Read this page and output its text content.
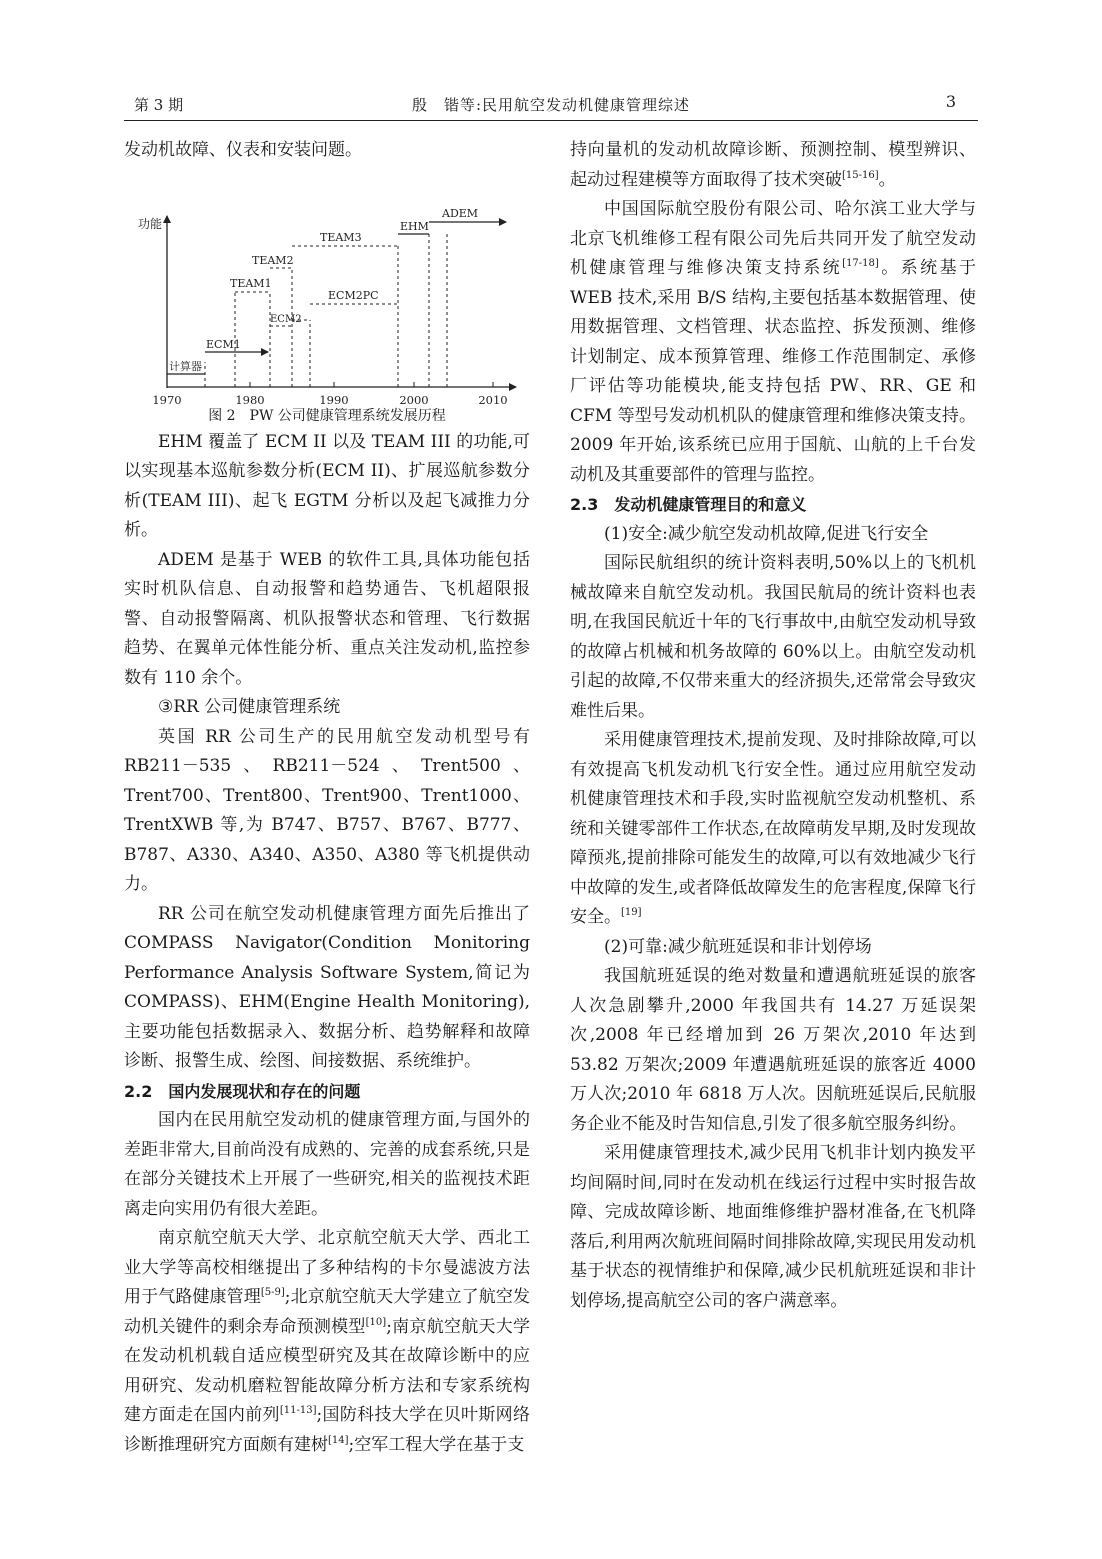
第 3 期	殷　锴等:民用航空发动机健康管理综述	3

发动机故障、仪表和安装问题。

功能
1970	1980	1990	2000	2010
计算器
ECM1
TEAM1
TEAM2
ECM2
TEAM3
ECM2PC
EHM
ADEM

图 2　PW 公司健康管理系统发展历程

EHM 覆盖了 ECM II 以及 TEAM III 的功能,可以实现基本巡航参数分析(ECM II)、扩展巡航参数分析(TEAM III)、起飞 EGTM 分析以及起飞减推力分析。

ADEM 是基于 WEB 的软件工具,具体功能包括实时机队信息、自动报警和趋势通告、飞机超限报警、自动报警隔离、机队报警状态和管理、飞行数据趋势、在翼单元体性能分析、重点关注发动机,监控参数有 110 余个。

③RR 公司健康管理系统

英国 RR 公司生产的民用航空发动机型号有 RB211－535、RB211－524、Trent500、Trent700、Trent800、Trent900、Trent1000、TrentXWB 等,为 B747、B757、B767、B777、B787、A330、A340、A350、A380 等飞机提供动力。

RR 公司在航空发动机健康管理方面先后推出了 COMPASS Navigator(Condition Monitoring Performance Analysis Software System,简记为 COMPASS)、EHM(Engine Health Monitoring),主要功能包括数据录入、数据分析、趋势解释和故障诊断、报警生成、绘图、间接数据、系统维护。

2.2　国内发展现状和存在的问题

国内在民用航空发动机的健康管理方面,与国外的差距非常大,目前尚没有成熟的、完善的成套系统,只是在部分关键技术上开展了一些研究,相关的监视技术距离走向实用仍有很大差距。

南京航空航天大学、北京航空航天大学、西北工业大学等高校相继提出了多种结构的卡尔曼滤波方法用于气路健康管理[5-9];北京航空航天大学建立了航空发动机关键件的剩余寿命预测模型[10];南京航空航天大学在发动机机载自适应模型研究及其在故障诊断中的应用研究、发动机磨粒智能故障分析方法和专家系统构建方面走在国内前列[11-13];国防科技大学在贝叶斯网络诊断推理研究方面颇有建树[14];空军工程大学在基于支

持向量机的发动机故障诊断、预测控制、模型辨识、起动过程建模等方面取得了技术突破[15-16]。

中国国际航空股份有限公司、哈尔滨工业大学与北京飞机维修工程有限公司先后共同开发了航空发动机健康管理与维修决策支持系统[17-18]。系统基于 WEB 技术,采用 B/S 结构,主要包括基本数据管理、使用数据管理、文档管理、状态监控、拆发预测、维修计划制定、成本预算管理、维修工作范围制定、承修厂评估等功能模块,能支持包括 PW、RR、GE 和 CFM 等型号发动机机队的健康管理和维修决策支持。2009 年开始,该系统已应用于国航、山航的上千台发动机及其重要部件的管理与监控。

2.3　发动机健康管理目的和意义

(1)安全:减少航空发动机故障,促进飞行安全

国际民航组织的统计资料表明,50%以上的飞机机械故障来自航空发动机。我国民航局的统计资料也表明,在我国民航近十年的飞行事故中,由航空发动机导致的故障占机械和机务故障的 60%以上。由航空发动机引起的故障,不仅带来重大的经济损失,还常常会导致灾难性后果。

采用健康管理技术,提前发现、及时排除故障,可以有效提高飞机发动机飞行安全性。通过应用航空发动机健康管理技术和手段,实时监视航空发动机整机、系统和关键零部件工作状态,在故障萌发早期,及时发现故障预兆,提前排除可能发生的故障,可以有效地减少飞行中故障的发生,或者降低故障发生的危害程度,保障飞行安全。[19]

(2)可靠:减少航班延误和非计划停场

我国航班延误的绝对数量和遭遇航班延误的旅客人次急剧攀升,2000 年我国共有 14.27 万延误架次,2008 年已经增加到 26 万架次,2010 年达到 53.82 万架次;2009 年遭遇航班延误的旅客近 4000 万人次;2010 年 6818 万人次。因航班延误后,民航服务企业不能及时告知信息,引发了很多航空服务纠纷。

采用健康管理技术,减少民用飞机非计划内换发平均间隔时间,同时在发动机在线运行过程中实时报告故障、完成故障诊断、地面维修维护器材准备,在飞机降落后,利用两次航班间隔时间排除故障,实现民用发动机基于状态的视情维护和保障,减少民机航班延误和非计划停场,提高航空公司的客户满意率。
